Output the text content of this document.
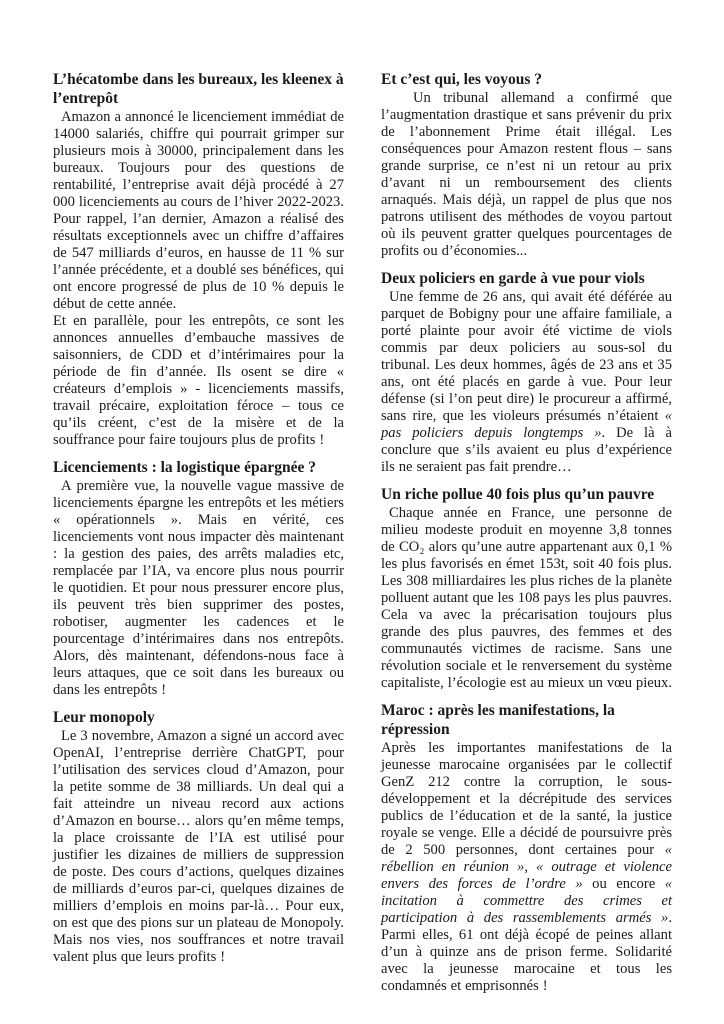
L’hécatombe dans les bureaux, les kleenex à l’entrepôt

Amazon a annoncé le licenciement immédiat de 14000 salariés, chiffre qui pourrait grimper sur plusieurs mois à 30000, principalement dans les bureaux. Toujours pour des questions de rentabilité, l’entreprise avait déjà procédé à 27 000 licenciements au cours de l’hiver 2022-2023. Pour rappel, l’an dernier, Amazon a réalisé des résultats exceptionnels avec un chiffre d’affaires de 547 milliards d’euros, en hausse de 11 % sur l’année précédente, et a doublé ses bénéfices, qui ont encore progressé de plus de 10 % depuis le début de cette année.

Et en parallèle, pour les entrepôts, ce sont les annonces annuelles d’embauche massives de saisonniers, de CDD et d’intérimaires pour la période de fin d’année. Ils osent se dire « créateurs d’emplois » - licenciements massifs, travail précaire, exploitation féroce – tous ce qu’ils créent, c’est de la misère et de la souffrance pour faire toujours plus de profits !

Licenciements : la logistique épargnée ?

A première vue, la nouvelle vague massive de licenciements épargne les entrepôts et les métiers « opérationnels ». Mais en vérité, ces licenciements vont nous impacter dès maintenant : la gestion des paies, des arrêts maladies etc, remplacée par l’IA, va encore plus nous pourrir le quotidien. Et pour nous pressurer encore plus, ils peuvent très bien supprimer des postes, robotiser, augmenter les cadences et le pourcentage d’intérimaires dans nos entrepôts. Alors, dès maintenant, défendons-nous face à leurs attaques, que ce soit dans les bureaux ou dans les entrepôts !

Leur monopoly

Le 3 novembre, Amazon a signé un accord avec OpenAI, l’entreprise derrière ChatGPT, pour l’utilisation des services cloud d’Amazon, pour la petite somme de 38 milliards. Un deal qui a fait atteindre un niveau record aux actions d’Amazon en bourse… alors qu’en même temps, la place croissante de l’IA est utilisé pour justifier les dizaines de milliers de suppression de poste. Des cours d’actions, quelques dizaines de milliards d’euros par-ci, quelques dizaines de milliers d’emplois en moins par-là… Pour eux, on est que des pions sur un plateau de Monopoly. Mais nos vies, nos souffrances et notre travail valent plus que leurs profits !

Et c’est qui, les voyous ?

Un tribunal allemand a confirmé que l’augmentation drastique et sans prévenir du prix de l’abonnement Prime était illégal. Les conséquences pour Amazon restent flous – sans grande surprise, ce n’est ni un retour au prix d’avant ni un remboursement des clients arnaqués. Mais déjà, un rappel de plus que nos patrons utilisent des méthodes de voyou partout où ils peuvent gratter quelques pourcentages de profits ou d’économies...

Deux policiers en garde à vue pour viols

Une femme de 26 ans, qui avait été déférée au parquet de Bobigny pour une affaire familiale, a porté plainte pour avoir été victime de viols commis par deux policiers au sous-sol du tribunal. Les deux hommes, âgés de 23 ans et 35 ans, ont été placés en garde à vue. Pour leur défense (si l’on peut dire) le procureur a affirmé, sans rire, que les violeurs présumés n’étaient « pas policiers depuis longtemps ». De là à conclure que s’ils avaient eu plus d’expérience ils ne seraient pas fait prendre…

Un riche pollue 40 fois plus qu’un pauvre

Chaque année en France, une personne de milieu modeste produit en moyenne 3,8 tonnes de CO₂ alors qu’une autre appartenant aux 0,1 % les plus favorisés en émet 153t, soit 40 fois plus. Les 308 milliardaires les plus riches de la planète polluent autant que les 108 pays les plus pauvres. Cela va avec la précarisation toujours plus grande des plus pauvres, des femmes et des communautés victimes de racisme. Sans une révolution sociale et le renversement du système capitaliste, l’écologie est au mieux un vœu pieux.

Maroc : après les manifestations, la répression

Après les importantes manifestations de la jeunesse marocaine organisées par le collectif GenZ 212 contre la corruption, le sous-développement et la décrépitude des services publics de l’éducation et de la santé, la justice royale se venge. Elle a décidé de poursuivre près de 2 500 personnes, dont certaines pour « rébellion en réunion », « outrage et violence envers des forces de l’ordre » ou encore « incitation à commettre des crimes et participation à des rassemblements armés ». Parmi elles, 61 ont déjà écopé de peines allant d’un à quinze ans de prison ferme. Solidarité avec la jeunesse marocaine et tous les condamnés et emprisonnés !
